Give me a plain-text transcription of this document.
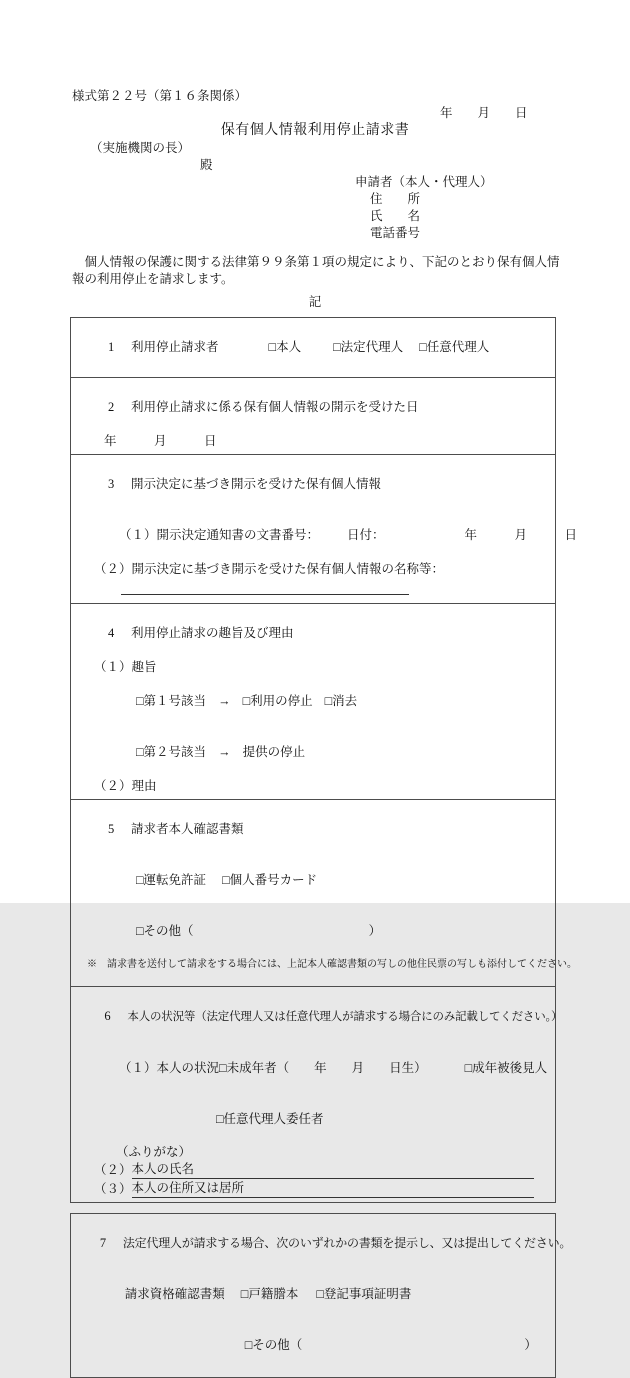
様式第２２号（第１６条関係）
年　　月　　日
保有個人情報利用停止請求書
（実施機関の長）
殿
申請者（本人・代理人）
住　　所
氏　　名
電話番号
　個人情報の保護に関する法律第９９条第１項の規定により、下記のとおり保有個人情
報の利用停止を請求します。
記

1 利用停止請求者	□本人	□法定代理人 □任意代理人

2 利用停止請求に係る保有個人情報の開示を受けた日

年　　　月　　　日

3 開示決定に基づき開示を受けた保有個人情報

（１）開示決定通知書の文書番号： 日付：	年　　　月　　　日

（２）開示決定に基づき開示を受けた保有個人情報の名称等：

4 利用停止請求の趣旨及び理由

（１）趣旨

□第１号該当 → □利用の停止 □消去

□第２号該当 → 提供の停止

（２）理由

5 請求者本人確認書類

□運転免許証 □個人番号カード

□その他（	）

※　請求書を送付して請求をする場合には、上記本人確認書類の写しの他住民票の写しも添付してください。

6 本人の状況等（法定代理人又は任意代理人が請求する場合にのみ記載してください。）

（１）本人の状況□未成年者（ 年　　月　　日生）	□成年被後見人

□任意代理人委任者

（ふりがな）
（２） 本人の氏名
（３） 本人の住所又は居所

7 法定代理人が請求する場合、次のいずれかの書類を提示し、又は提出してください。

請求資格確認書類 □戸籍謄本 □登記事項証明書

□その他（	）
